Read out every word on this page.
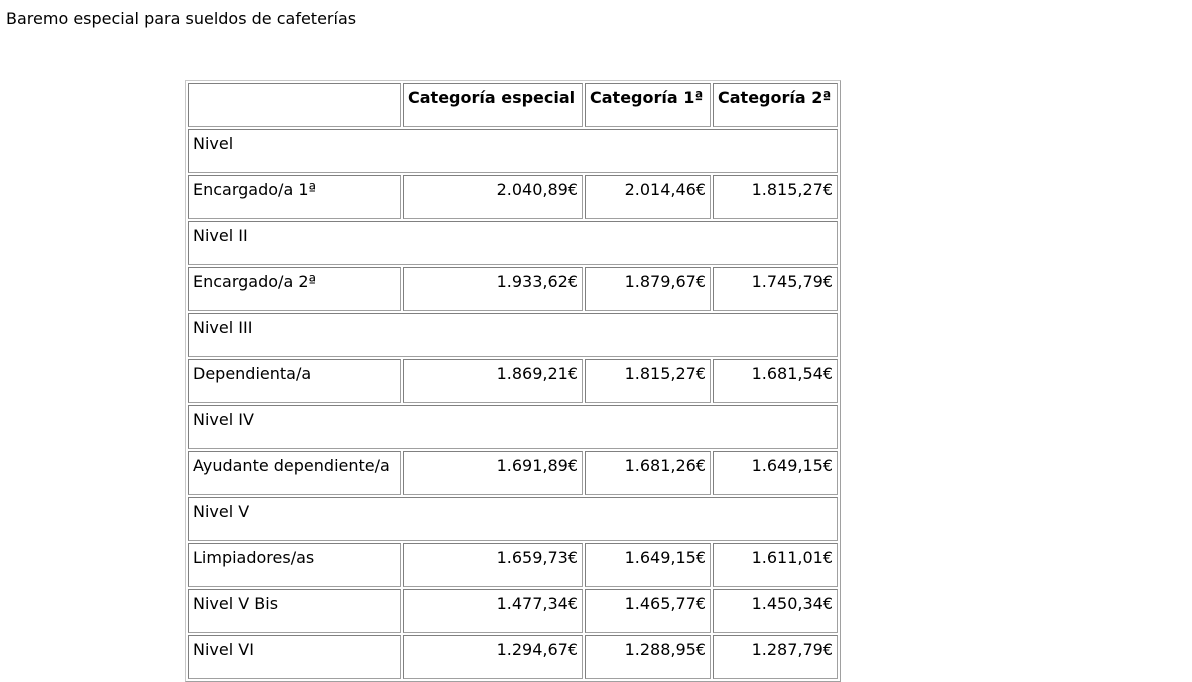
Baremo especial para sueldos de cafeterías
	Categoría especial	Categoría 1ª	Categoría 2ª
Nivel			
Encargado/a 1ª	2.040,89€	2.014,46€	1.815,27€
Nivel II			
Encargado/a 2ª	1.933,62€	1.879,67€	1.745,79€
Nivel III			
Dependienta/a	1.869,21€	1.815,27€	1.681,54€
Nivel IV			
Ayudante dependiente/a	1.691,89€	1.681,26€	1.649,15€
Nivel V			
Limpiadores/as	1.659,73€	1.649,15€	1.611,01€
Nivel V Bis	1.477,34€	1.465,77€	1.450,34€
Nivel VI	1.294,67€	1.288,95€	1.287,79€
